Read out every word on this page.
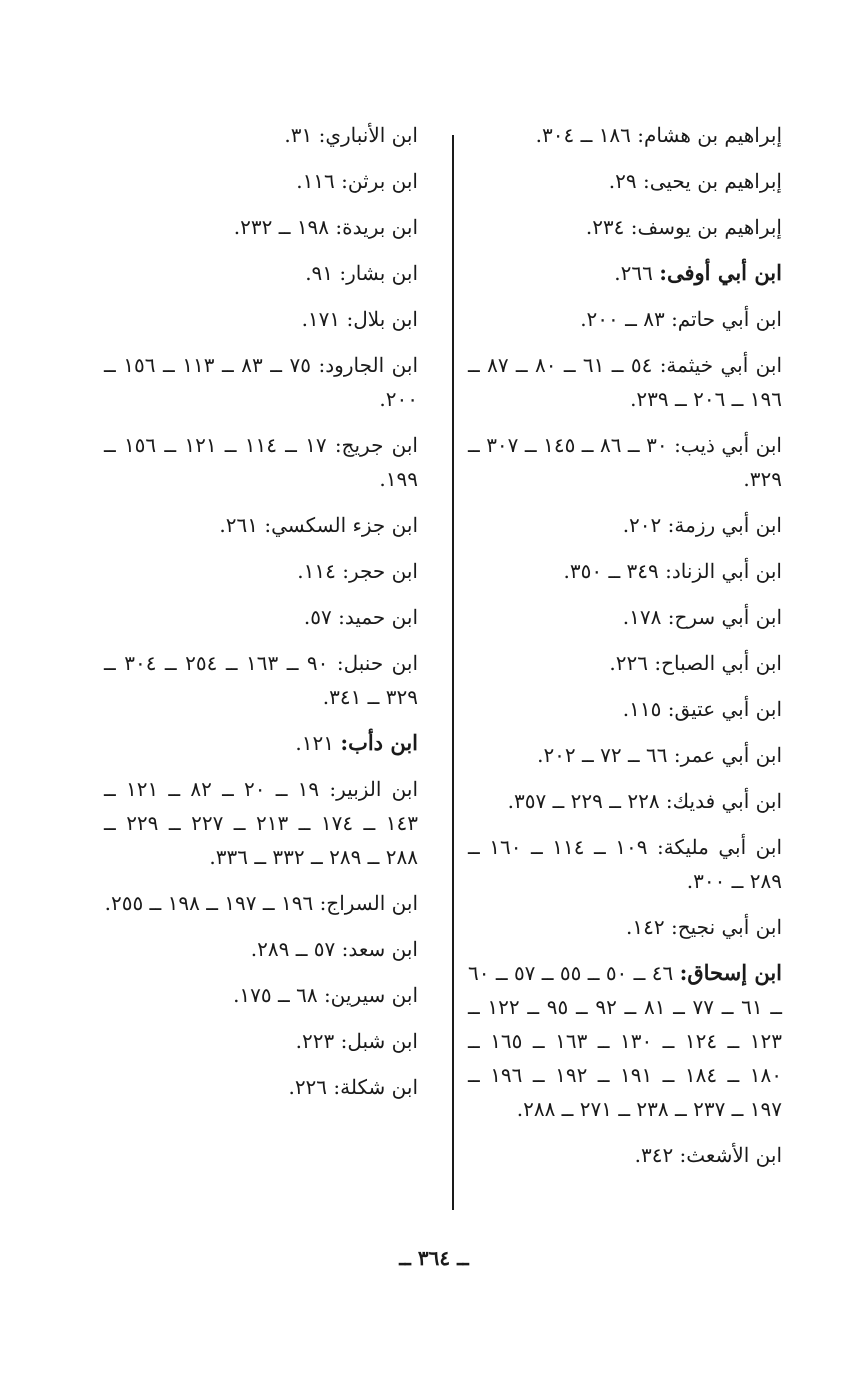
إبراهيم بن هشام: ١٨٦ ــ ٣٠٤.
إبراهيم بن يحيى: ٢٩.
إبراهيم بن يوسف: ٢٣٤.
ابن أبي أوفى: ٢٦٦.
ابن أبي حاتم: ٨٣ ــ ٢٠٠.
ابن أبي خيثمة: ٥٤ ــ ٦١ ــ ٨٠ ــ ٨٧ ــ ١٩٦ ــ ٢٠٦ ــ ٢٣٩.
ابن أبي ذيب: ٣٠ ــ ٨٦ ــ ١٤٥ ــ ٣٠٧ ــ ٣٢٩.
ابن أبي رزمة: ٢٠٢.
ابن أبي الزناد: ٣٤٩ ــ ٣٥٠.
ابن أبي سرح: ١٧٨.
ابن أبي الصباح: ٢٢٦.
ابن أبي عتيق: ١١٥.
ابن أبي عمر: ٦٦ ــ ٧٢ ــ ٢٠٢.
ابن أبي فديك: ٢٢٨ ــ ٢٢٩ ــ ٣٥٧.
ابن أبي مليكة: ١٠٩ ــ ١١٤ ــ ١٦٠ ــ ٢٨٩ ــ ٣٠٠.
ابن أبي نجيح: ١٤٢.
ابن إسحاق: ٤٦ ــ ٥٠ ــ ٥٥ ــ ٥٧ ــ ٦٠ ــ ٦١ ــ ٧٧ ــ ٨١ ــ ٩٢ ــ ٩٥ ــ ١٢٢ ــ ١٢٣ ــ ١٢٤ ــ ١٣٠ ــ ١٦٣ ــ ١٦٥ ــ ١٨٠ ــ ١٨٤ ــ ١٩١ ــ ١٩٢ ــ ١٩٦ ــ ١٩٧ ــ ٢٣٧ ــ ٢٣٨ ــ ٢٧١ ــ ٢٨٨.
ابن الأشعث: ٣٤٢.
ابن الأنباري: ٣١.
ابن برثن: ١١٦.
ابن بريدة: ١٩٨ ــ ٢٣٢.
ابن بشار: ٩١.
ابن بلال: ١٧١.
ابن الجارود: ٧٥ ــ ٨٣ ــ ١١٣ ــ ١٥٦ ــ ٢٠٠.
ابن جريج: ١٧ ــ ١١٤ ــ ١٢١ ــ ١٥٦ ــ ١٩٩.
ابن جزء السكسي: ٢٦١.
ابن حجر: ١١٤.
ابن حميد: ٥٧.
ابن حنبل: ٩٠ ــ ١٦٣ ــ ٢٥٤ ــ ٣٠٤ ــ ٣٢٩ ــ ٣٤١.
ابن دأب: ١٢١.
ابن الزبير: ١٩ ــ ٢٠ ــ ٨٢ ــ ١٢١ ــ ١٤٣ ــ ١٧٤ ــ ٢١٣ ــ ٢٢٧ ــ ٢٢٩ ــ ٢٨٨ ــ ٢٨٩ ــ ٣٣٢ ــ ٣٣٦.
ابن السراج: ١٩٦ ــ ١٩٧ ــ ١٩٨ ــ ٢٥٥.
ابن سعد: ٥٧ ــ ٢٨٩.
ابن سيرين: ٦٨ ــ ١٧٥.
ابن شبل: ٢٢٣.
ابن شكلة: ٢٢٦.
ــ ٣٦٤ ــ
